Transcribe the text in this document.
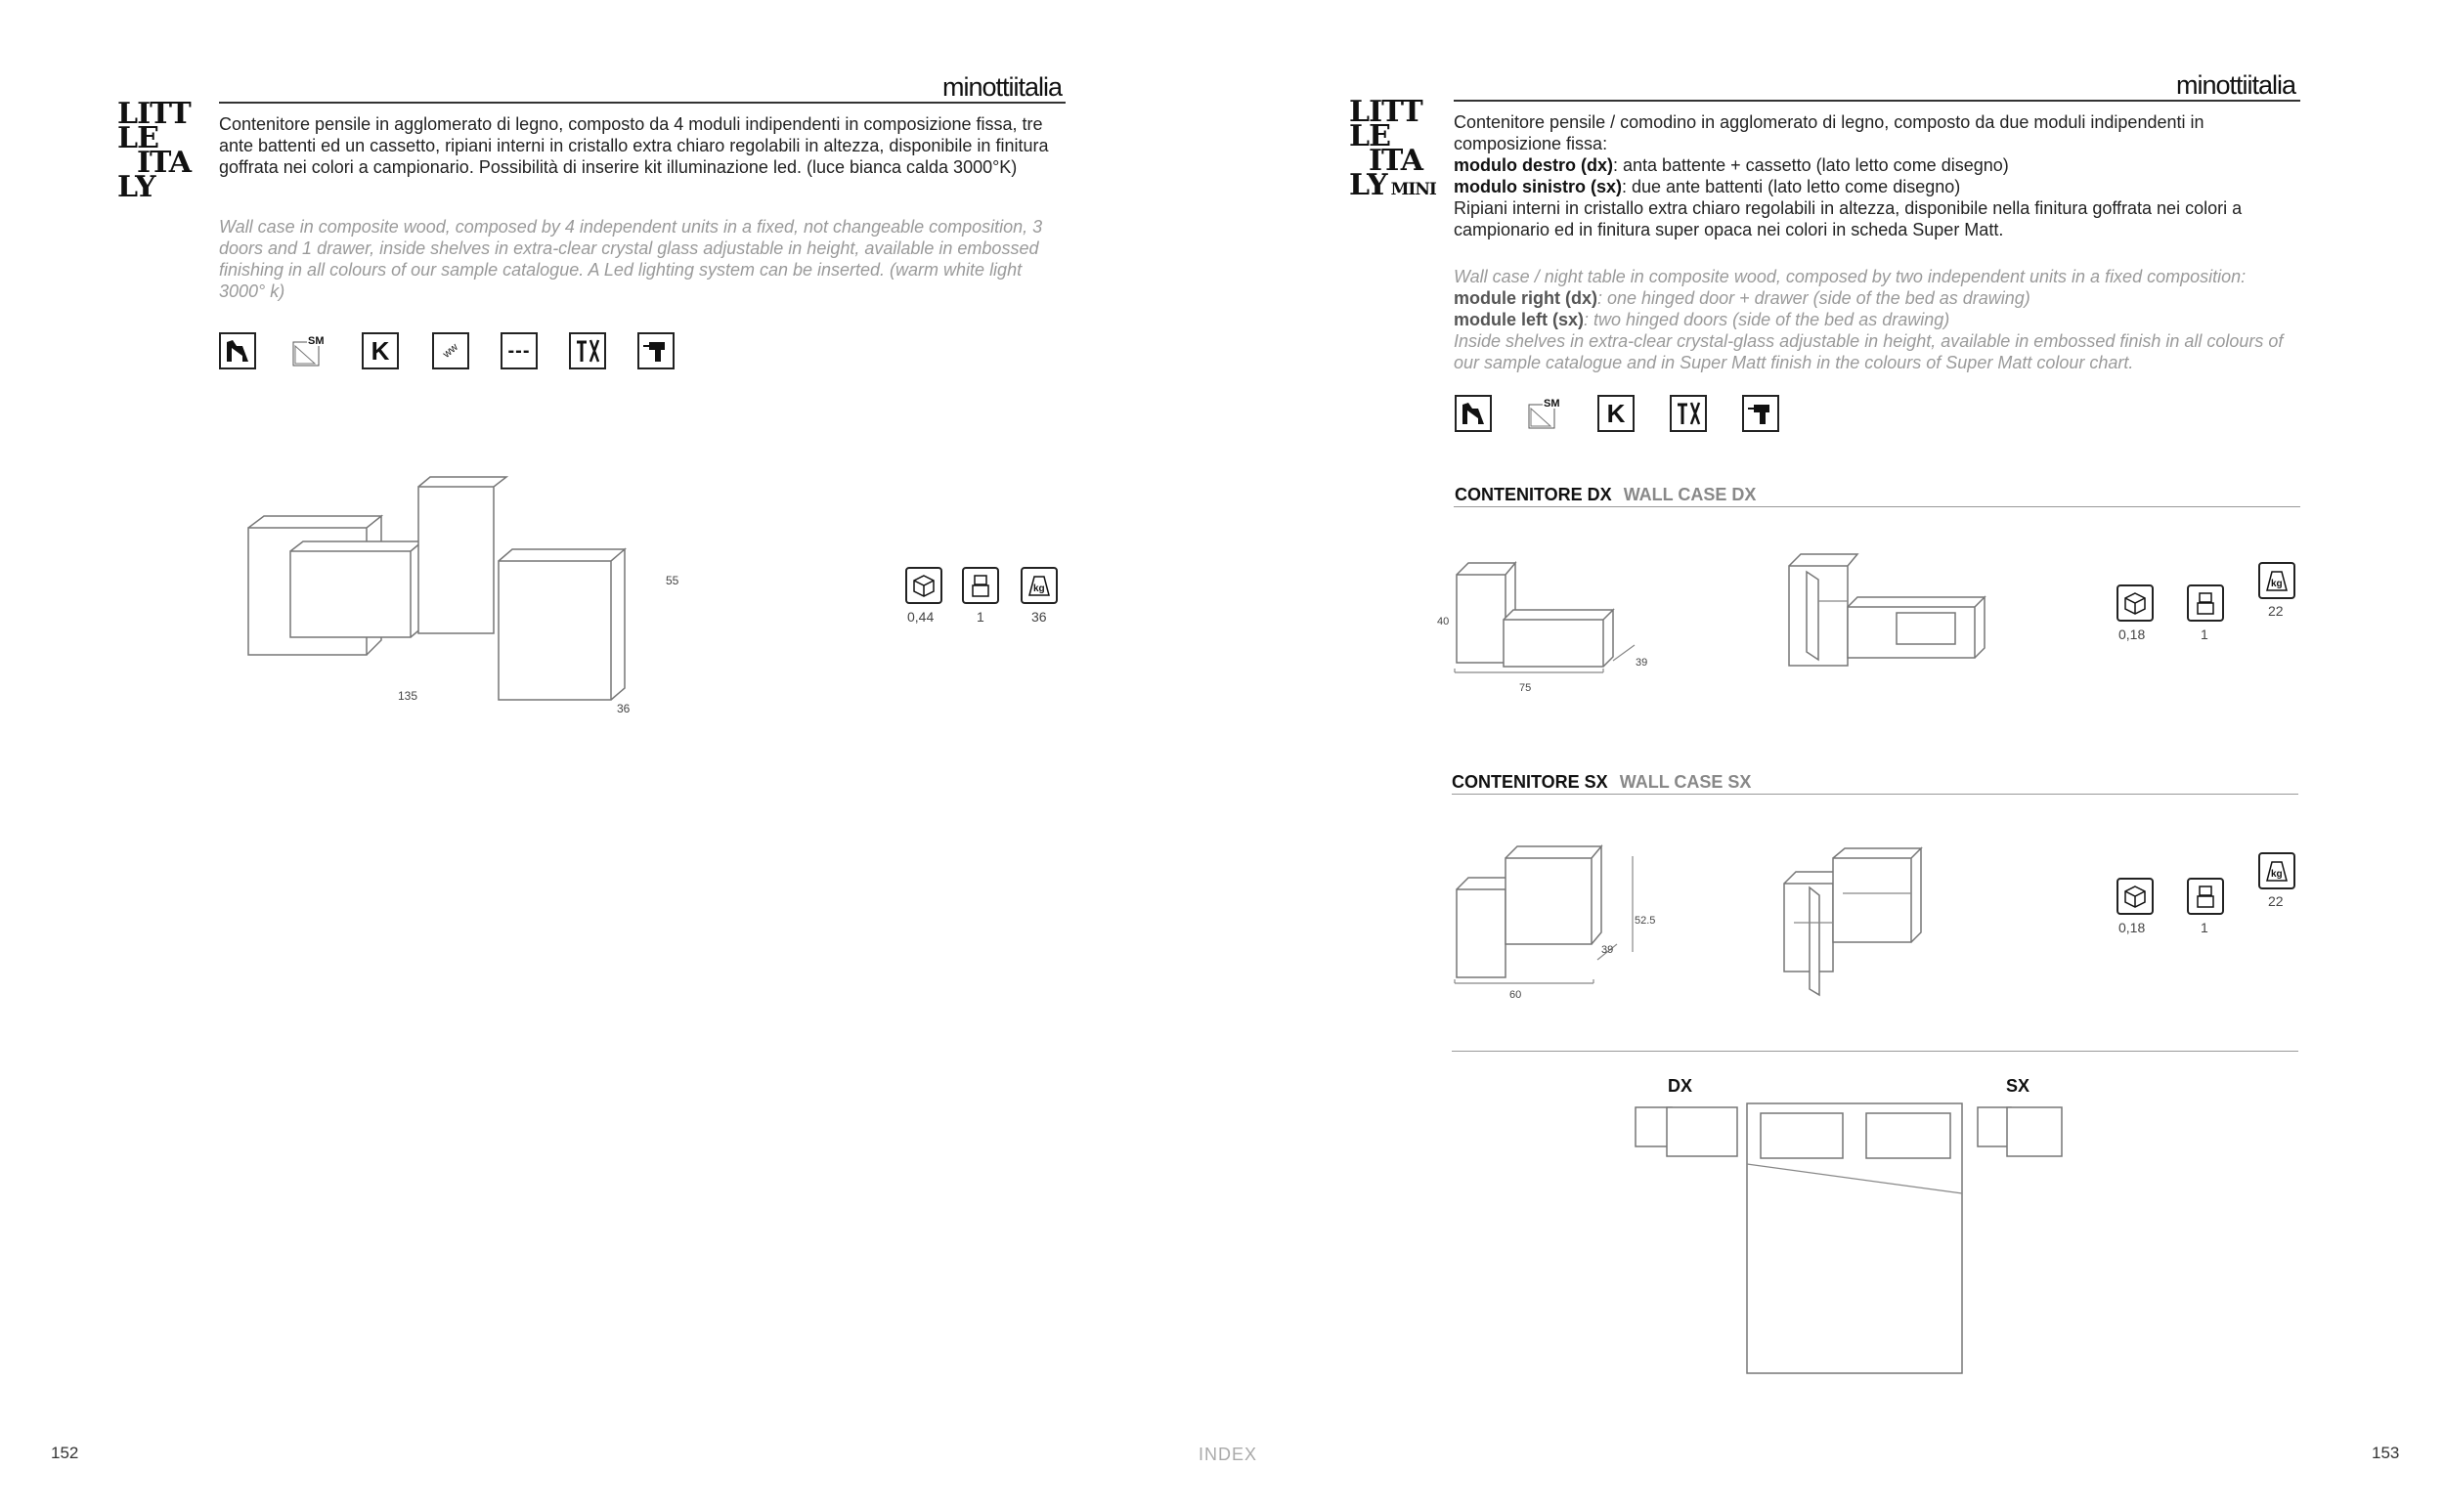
minottiitalia
LITT
LE
ITA
LY
Contenitore pensile in agglomerato di legno, composto da 4 moduli indipendenti in composizione fissa, tre ante battenti ed un cassetto, ripiani interni in cristallo extra chiaro regolabili in altezza, disponibile in finitura goffrata nei colori a campionario. Possibilità di inserire kit illuminazione led. (luce bianca calda 3000°K)
Wall case in composite wood, composed by 4 independent units in a fixed, not changeable composition, 3 doors and 1 drawer, inside shelves in extra-clear crystal glass adjustable in height, available in embossed finishing in all colours of our sample catalogue. A Led lighting system can be inserted. (warm white light 3000° k)
SM	K	ww	---
55
135
36
kg
0,44	1	36
152	INDEX
minottiitalia
LITT
LE
ITA
LY MINI
Contenitore pensile / comodino in agglomerato di legno, composto da due moduli indipendenti in composizione fissa:
modulo destro (dx): anta battente + cassetto (lato letto come disegno)
modulo sinistro (sx): due ante battenti (lato letto come disegno)
Ripiani interni in cristallo extra chiaro regolabili in altezza, disponibile nella finitura goffrata nei colori a campionario ed in finitura super opaca nei colori in scheda Super Matt.
Wall case / night table in composite wood, composed by two independent units in a fixed composition:
module right (dx): one hinged door + drawer (side of the bed as drawing)
module left (sx): two hinged doors (side of the bed as drawing)
Inside shelves in extra-clear crystal-glass adjustable in height, available in embossed finish in all colours of our sample catalogue and in Super Matt finish in the colours of Super Matt colour chart.
SM	K
CONTENITORE DX WALL CASE DX
40
75
39
kg
0,18	1
22
CONTENITORE SX WALL CASE SX
52.5
60
39
kg
0,18	1
22
DX	SX
153
